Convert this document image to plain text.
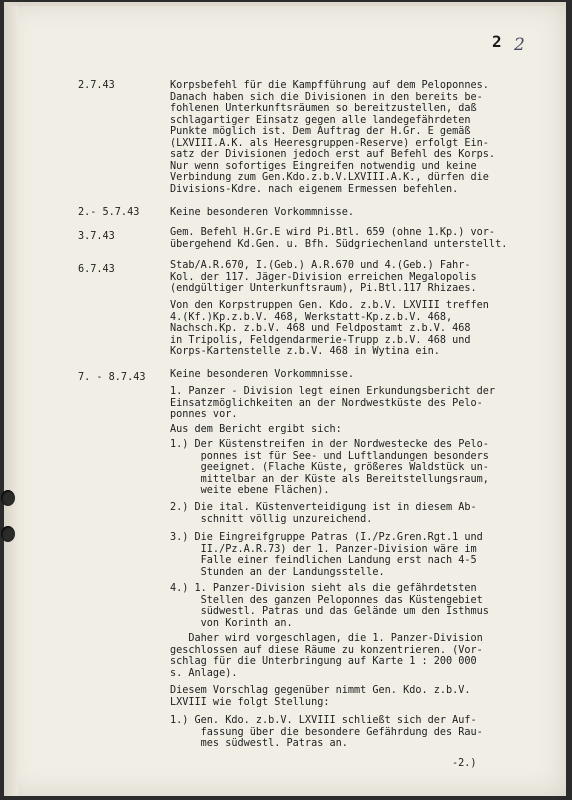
2 2
2.7.43	Korpsbefehl für die Kampfführung auf dem Peloponnes.
Danach haben sich die Divisionen in den bereits be-
fohlenen Unterkunftsräumen so bereitzustellen, daß
schlagartiger Einsatz gegen alle landegefährdeten
Punkte möglich ist. Dem Auftrag der H.Gr. E gemäß
(LXVIII.A.K. als Heeresgruppen-Reserve) erfolgt Ein-
satz der Divisionen jedoch erst auf Befehl des Korps.
Nur wenn sofortiges Eingreifen notwendig und keine
Verbindung zum Gen.Kdo.z.b.V.LXVIII.A.K., dürfen die
Divisions-Kdre. nach eigenem Ermessen befehlen.
2.- 5.7.43	Keine besonderen Vorkommnisse.
3.7.43	Gem. Befehl H.Gr.E wird Pi.Btl. 659 (ohne 1.Kp.) vor-
übergehend Kd.Gen. u. Bfh. Südgriechenland unterstellt.
6.7.43	Stab/A.R.670, I.(Geb.) A.R.670 und 4.(Geb.) Fahr-
Kol. der 117. Jäger-Division erreichen Megalopolis
(endgültiger Unterkunftsraum), Pi.Btl.117 Rhizaes.
Von den Korpstruppen Gen. Kdo. z.b.V. LXVIII treffen
4.(Kf.)Kp.z.b.V. 468, Werkstatt-Kp.z.b.V. 468,
Nachsch.Kp. z.b.V. 468 und Feldpostamt z.b.V. 468
in Tripolis, Feldgendarmerie-Trupp z.b.V. 468 und
Korps-Kartenstelle z.b.V. 468 in Wytina ein.
7. - 8.7.43 Keine besonderen Vorkommnisse.
1. Panzer - Division legt einen Erkundungsbericht der
Einsatzmöglichkeiten an der Nordwestküste des Pelo-
ponnes vor.
Aus dem Bericht ergibt sich:
1.) Der Küstenstreifen in der Nordwestecke des Pelo-
ponnes ist für See- und Luftlandungen besonders
geeignet. (Flache Küste, größeres Waldstück un-
mittelbar an der Küste als Bereitstellungsraum,
weite ebene Flächen).
2.) Die ital. Küstenverteidigung ist in diesem Ab-
schnitt völlig unzureichend.
3.) Die Eingreifgruppe Patras (I./Pz.Gren.Rgt.1 und
II./Pz.A.R.73) der 1. Panzer-Division wäre im
Falle einer feindlichen Landung erst nach 4-5
Stunden an der Landungsstelle.
4.) 1. Panzer-Division sieht als die gefährdetsten
Stellen des ganzen Peloponnes das Küstengebiet
südwestl. Patras und das Gelände um den Isthmus
von Korinth an.
Daher wird vorgeschlagen, die 1. Panzer-Division
geschlossen auf diese Räume zu konzentrieren. (Vor-
schlag für die Unterbringung auf Karte 1 : 200 000
s. Anlage).
Diesem Vorschlag gegenüber nimmt Gen. Kdo. z.b.V.
LXVIII wie folgt Stellung:
1.) Gen. Kdo. z.b.V. LXVIII schließt sich der Auf-
fassung über die besondere Gefährdung des Rau-
mes südwestl. Patras an.
-2.)
